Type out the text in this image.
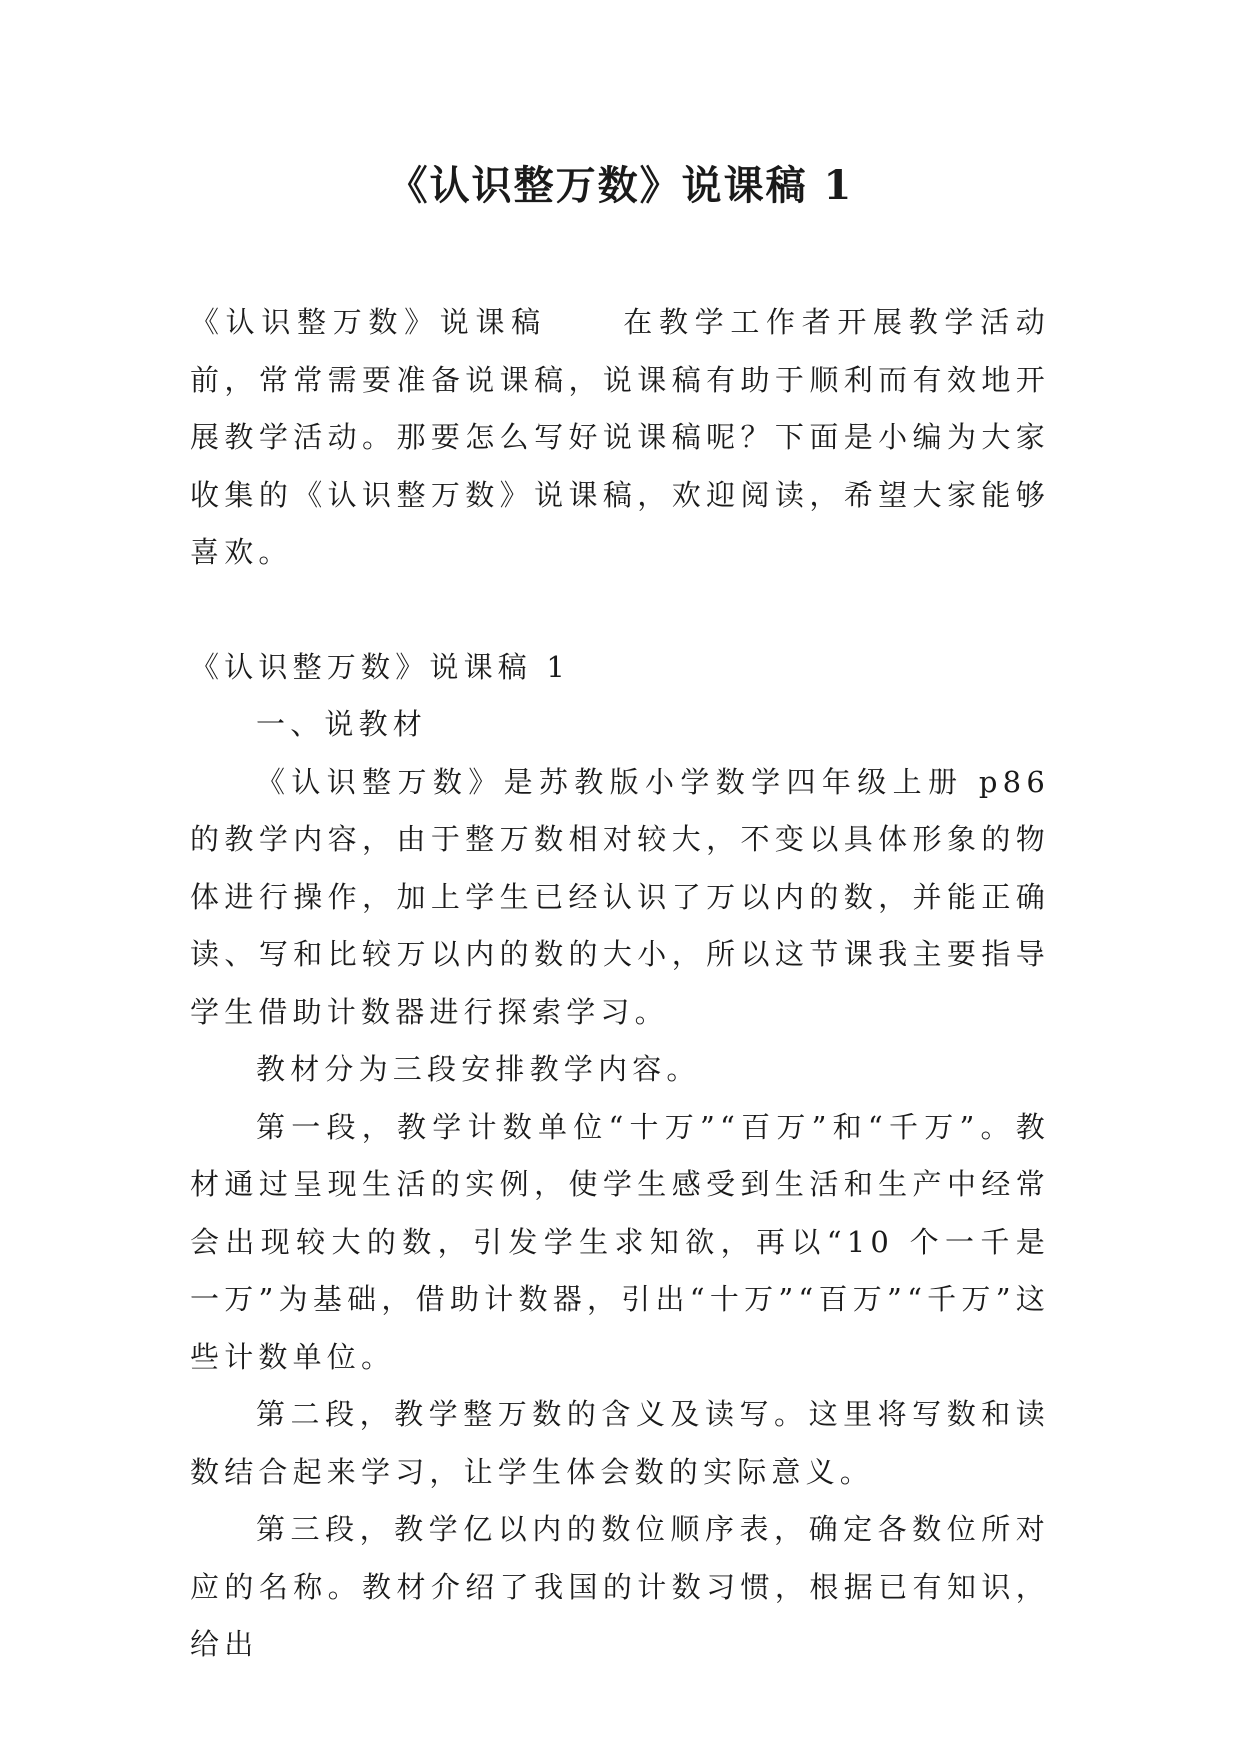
《认识整万数》说课稿 1

《认识整万数》说课稿	在教学工作者开展教学活动前，常常需要准备说课稿，说课稿有助于顺利而有效地开展教学活动。那要怎么写好说课稿呢？下面是小编为大家收集的《认识整万数》说课稿，欢迎阅读，希望大家能够喜欢。

《认识整万数》说课稿 1

一、说教材

《认识整万数》是苏教版小学数学四年级上册 p86 的教学内容，由于整万数相对较大，不变以具体形象的物体进行操作，加上学生已经认识了万以内的数，并能正确读、写和比较万以内的数的大小，所以这节课我主要指导学生借助计数器进行探索学习。

教材分为三段安排教学内容。

第一段，教学计数单位“十万”“百万”和“千万”。教材通过呈现生活的实例，使学生感受到生活和生产中经常会出现较大的数，引发学生求知欲，再以“10 个一千是一万”为基础，借助计数器，引出“十万”“百万”“千万”这些计数单位。

第二段，教学整万数的含义及读写。这里将写数和读数结合起来学习，让学生体会数的实际意义。

第三段，教学亿以内的数位顺序表，确定各数位所对应的名称。教材介绍了我国的计数习惯，根据已有知识，给出
